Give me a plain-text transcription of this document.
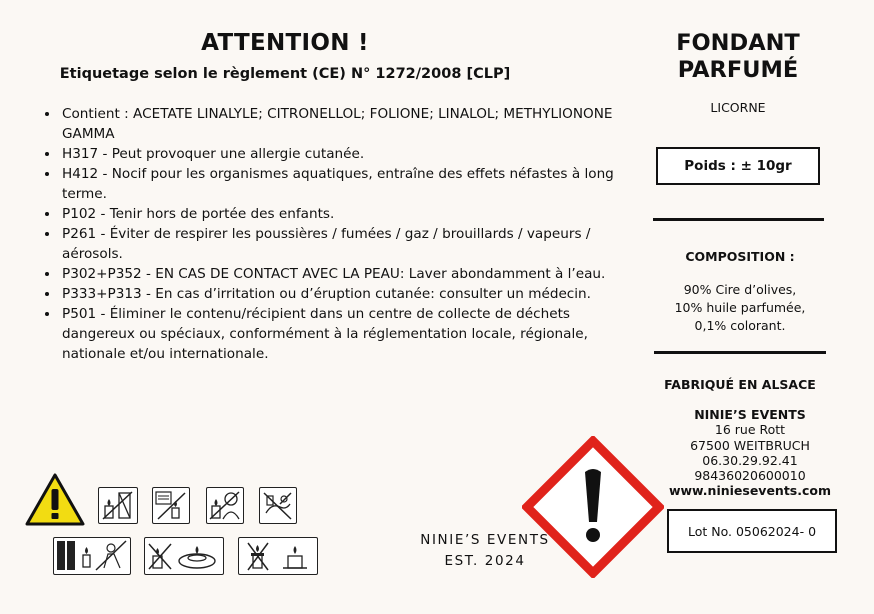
ATTENTION !
Etiquetage selon le règlement (CE) N° 1272/2008 [CLP]
• Contient : ACETATE LINALYLE; CITRONELLOL; FOLIONE; LINALOL; METHYLIONONE GAMMA
• H317 - Peut provoquer une allergie cutanée.
• H412 - Nocif pour les organismes aquatiques, entraîne des effets néfastes à long terme.
• P102 - Tenir hors de portée des enfants.
• P261 - Éviter de respirer les poussières / fumées / gaz / brouillards / vapeurs / aérosols.
• P302+P352 - EN CAS DE CONTACT AVEC LA PEAU: Laver abondamment à l’eau.
• P333+P313 - En cas d’irritation ou d’éruption cutanée: consulter un médecin.
• P501 - Éliminer le contenu/récipient dans un centre de collecte de déchets dangereux ou spéciaux, conformément à la réglementation locale, régionale, nationale et/ou internationale.
NINIE’S EVENTS
EST. 2024
FONDANT
PARFUMÉ
LICORNE
Poids : ± 10gr
COMPOSITION :
90% Cire d’olives,
10% huile parfumée,
0,1% colorant.
FABRIQUÉ EN ALSACE
NINIE’S EVENTS
16 rue Rott
67500 WEITBRUCH
06.30.29.92.41
98436020600010
www.niniesevents.com
Lot No. 05062024- 0
